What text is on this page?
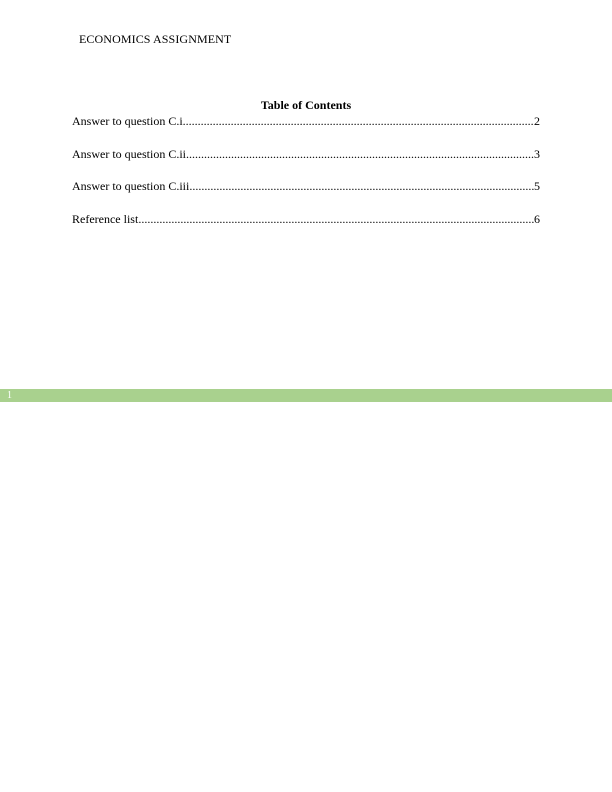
ECONOMICS ASSIGNMENT
Table of Contents
Answer to question C.i .....	2
Answer to question C.ii .....	3
Answer to question C.iii .....	5
Reference list .....	6
1
